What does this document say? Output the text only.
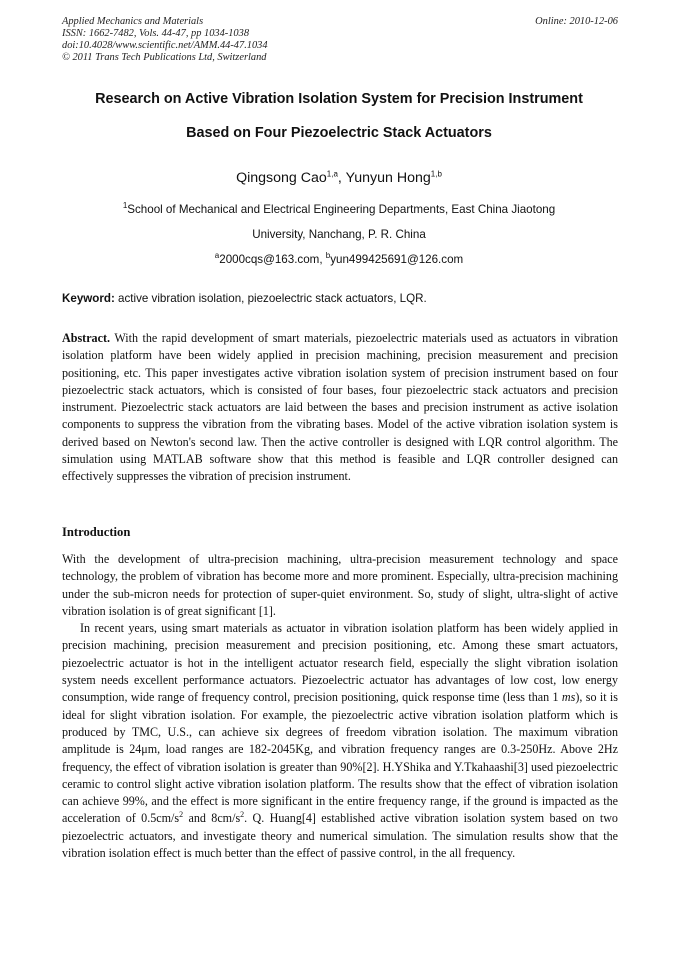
Applied Mechanics and Materials
ISSN: 1662-7482, Vols. 44-47, pp 1034-1038
doi:10.4028/www.scientific.net/AMM.44-47.1034
© 2011 Trans Tech Publications Ltd, Switzerland
Online: 2010-12-06
Research on Active Vibration Isolation System for Precision Instrument
Based on Four Piezoelectric Stack Actuators
Qingsong Cao$^{1,a}$, Yunyun Hong$^{1,b}$
$^1$School of Mechanical and Electrical Engineering Departments, East China Jiaotong
University, Nanchang, P. R. China
$^a$2000cqs@163.com, $^b$yun499425691@126.com
Keyword: active vibration isolation, piezoelectric stack actuators, LQR.
Abstract. With the rapid development of smart materials, piezoelectric materials used as actuators in vibration isolation platform have been widely applied in precision machining, precision measurement and precision positioning, etc. This paper investigates active vibration isolation system of precision instrument based on four piezoelectric stack actuators, which is consisted of four bases, four piezoelectric stack actuators and precision instrument. Piezoelectric stack actuators are laid between the bases and precision instrument as active isolation components to suppress the vibration from the vibrating bases. Model of the active vibration isolation system is derived based on Newton's second law. Then the active controller is designed with LQR control algorithm. The simulation using MATLAB software show that this method is feasible and LQR controller designed can effectively suppresses the vibration of precision instrument.
Introduction
With the development of ultra-precision machining, ultra-precision measurement technology and space technology, the problem of vibration has become more and more prominent. Especially, ultra-precision machining under the sub-micron needs for protection of super-quiet environment. So, study of slight, ultra-slight of active vibration isolation is of great significant [1].
In recent years, using smart materials as actuator in vibration isolation platform has been widely applied in precision machining, precision measurement and precision positioning, etc. Among these smart actuators, piezoelectric actuator is hot in the intelligent actuator research field, especially the slight vibration isolation system needs excellent performance actuators. Piezoelectric actuator has advantages of low cost, low energy consumption, wide range of frequency control, precision positioning, quick response time (less than 1 ms), so it is ideal for slight vibration isolation. For example, the piezoelectric active vibration isolation platform which is produced by TMC, U.S., can achieve six degrees of freedom vibration isolation. The maximum vibration amplitude is 24μm, load ranges are 182-2045Kg, and vibration frequency ranges are 0.3-250Hz. Above 2Hz frequency, the effect of vibration isolation is greater than 90%[2]. H.YShika and Y.Tkahaashi[3] used piezoelectric ceramic to control slight active vibration isolation platform. The results show that the effect of vibration isolation can achieve 99%, and the effect is more significant in the entire frequency range, if the ground is impacted as the acceleration of $0.5cm/s^2$ and $8cm/s^2$. Q. Huang[4] established active vibration isolation system based on two piezoelectric actuators, and investigate theory and numerical simulation. The simulation results show that the vibration isolation effect is much better than the effect of passive control, in the all frequency.
